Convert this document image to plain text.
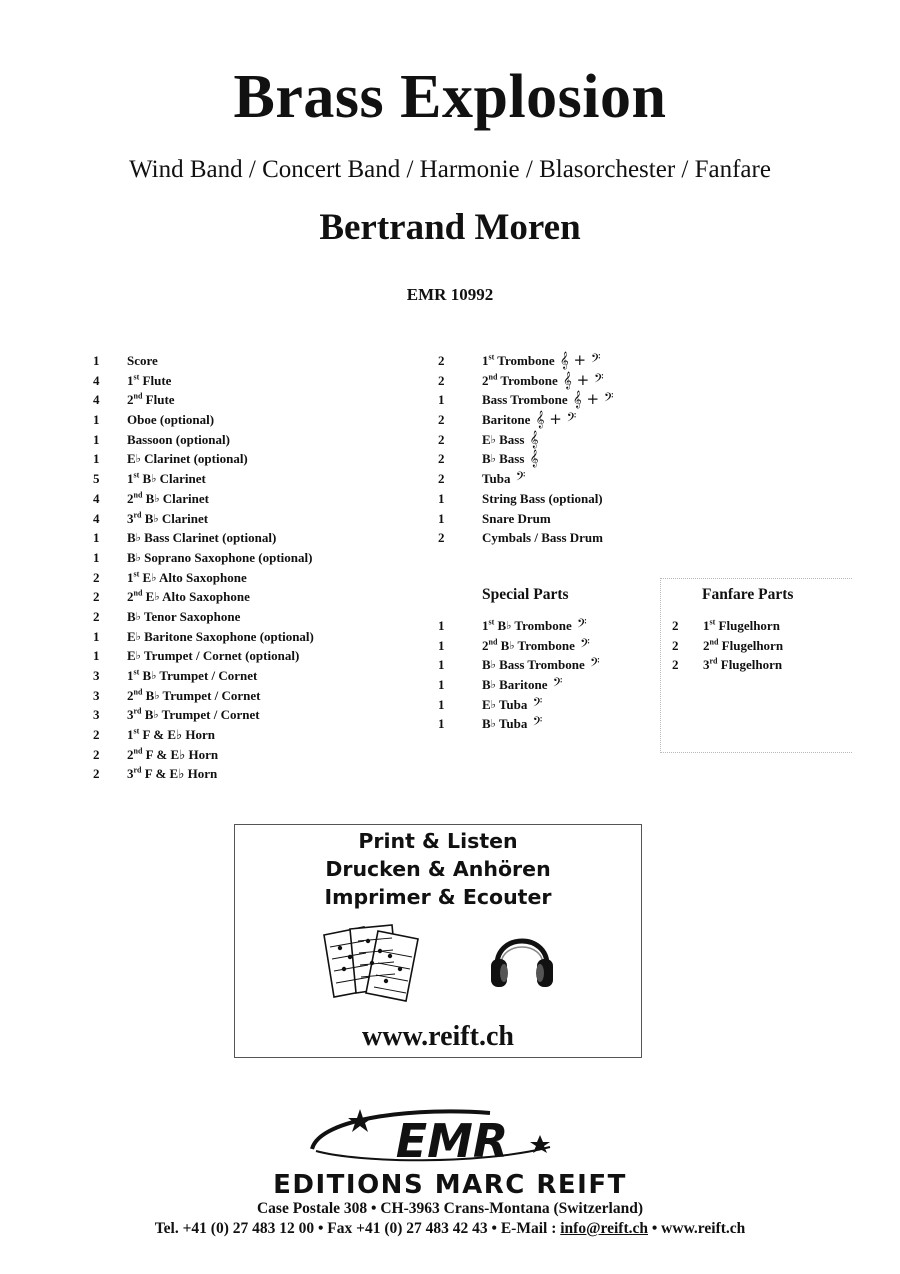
Brass Explosion
Wind Band / Concert Band / Harmonie / Blasorchester / Fanfare
Bertrand Moren
EMR 10992
1	Score
4	1st Flute
4	2nd Flute
1	Oboe (optional)
1	Bassoon (optional)
1	E♭ Clarinet (optional)
5	1st B♭ Clarinet
4	2nd B♭ Clarinet
4	3rd B♭ Clarinet
1	B♭ Bass Clarinet (optional)
1	B♭ Soprano Saxophone (optional)
2	1st E♭ Alto Saxophone
2	2nd E♭ Alto Saxophone
2	B♭ Tenor Saxophone
1	E♭ Baritone Saxophone (optional)
1	E♭ Trumpet / Cornet (optional)
3	1st B♭ Trumpet / Cornet
3	2nd B♭ Trumpet / Cornet
3	3rd B♭ Trumpet / Cornet
2	1st F & E♭ Horn
2	2nd F & E♭ Horn
2	3rd F & E♭ Horn
2	1st Trombone 𝄞 + 𝄢
2	2nd Trombone 𝄞 + 𝄢
1	Bass Trombone 𝄞 + 𝄢
2	Baritone 𝄞 + 𝄢
2	E♭ Bass 𝄞
2	B♭ Bass 𝄞
2	Tuba 𝄢
1	String Bass (optional)
1	Snare Drum
2	Cymbals / Bass Drum
Special Parts
1	1st B♭ Trombone 𝄢
1	2nd B♭ Trombone 𝄢
1	B♭ Bass Trombone 𝄢
1	B♭ Baritone 𝄢
1	E♭ Tuba 𝄢
1	B♭ Tuba 𝄢
Fanfare Parts
2	1st Flugelhorn
2	2nd Flugelhorn
2	3rd Flugelhorn
Print & Listen
Drucken & Anhören
Imprimer & Ecouter
www.reift.ch
EMR
EDITIONS MARC REIFT
Case Postale 308 • CH-3963 Crans-Montana (Switzerland)
Tel. +41 (0) 27 483 12 00 • Fax +41 (0) 27 483 42 43 • E-Mail : info@reift.ch • www.reift.ch
